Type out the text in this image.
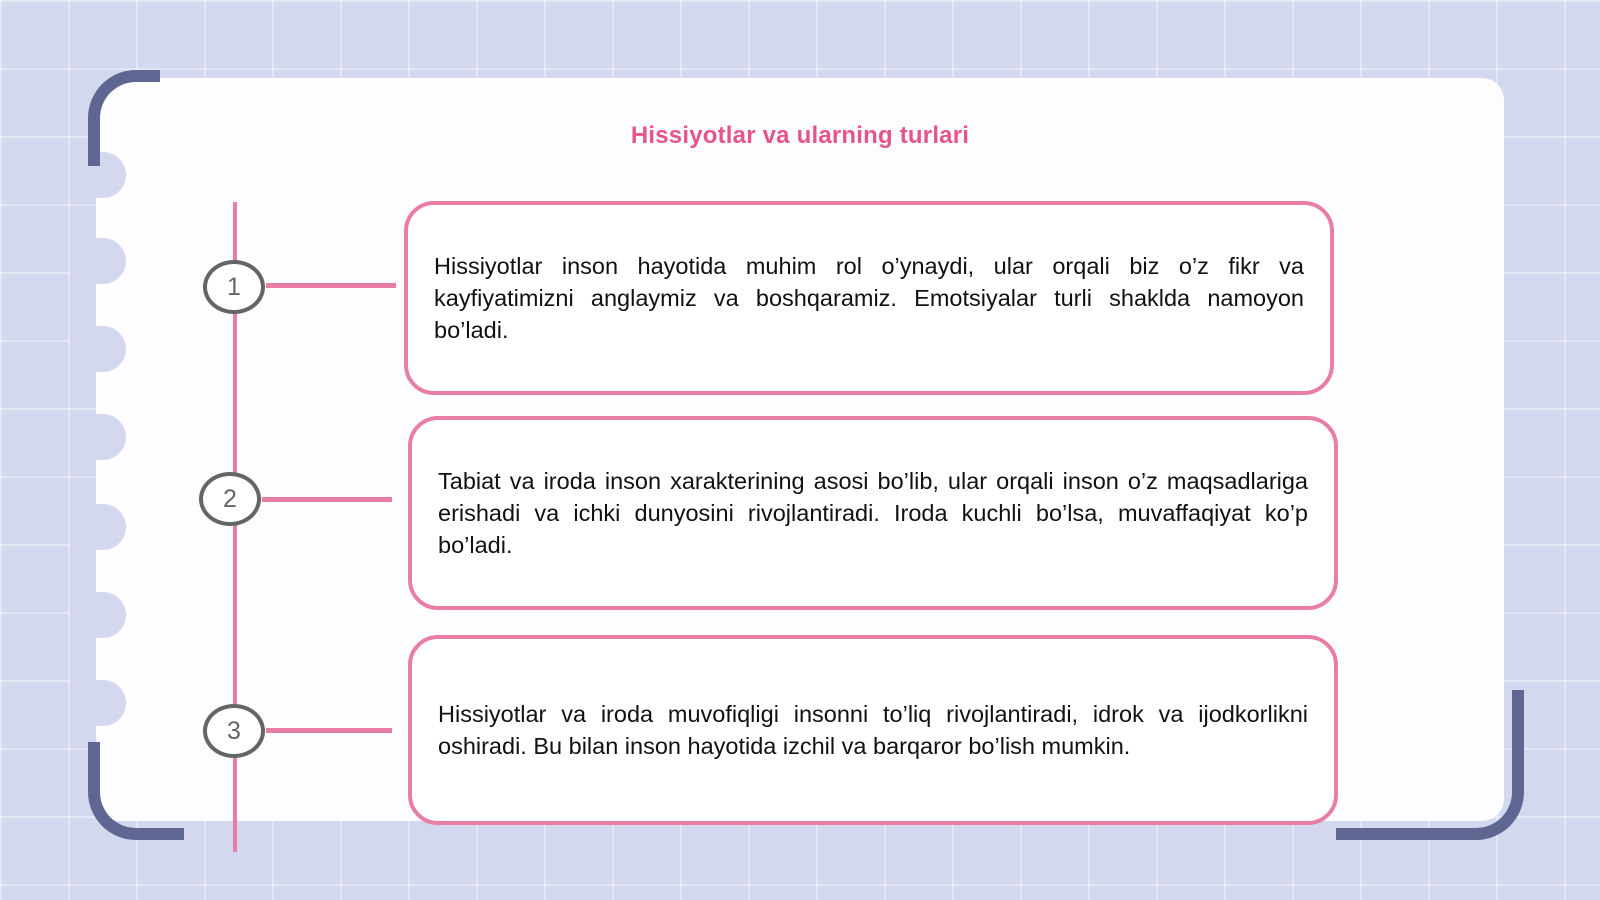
Hissiyotlar va ularning turlari
1

Hissiyotlar inson hayotida muhim rol o’ynaydi, ular orqali biz o’z fikr va kayfiyatimizni anglaymiz va boshqaramiz. Emotsiyalar turli shaklda namoyon bo’ladi.

2

Tabiat va iroda inson xarakterining asosi bo’lib, ular orqali inson o’z maqsadlariga erishadi va ichki dunyosini rivojlantiradi. Iroda kuchli bo’lsa, muvaffaqiyat ko’p bo’ladi.

3

Hissiyotlar va iroda muvofiqligi insonni to’liq rivojlantiradi, idrok va ijodkorlikni oshiradi. Bu bilan inson hayotida izchil va barqaror bo’lish mumkin.
